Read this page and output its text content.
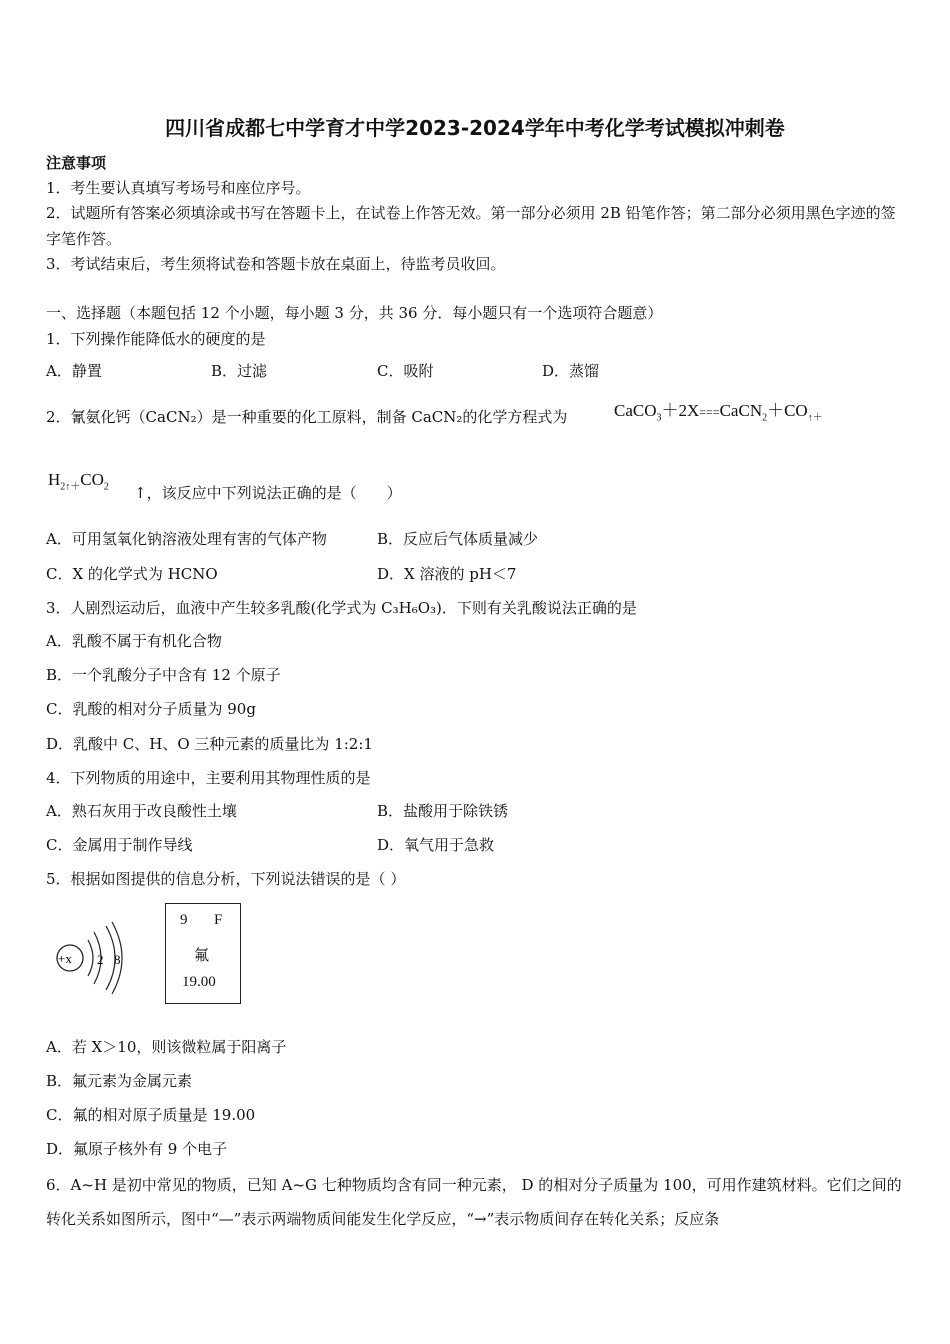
四川省成都七中学育才中学2023-2024学年中考化学考试模拟冲刺卷
注意事项
1．考生要认真填写考场号和座位序号。
2．试题所有答案必须填涂或书写在答题卡上，在试卷上作答无效。第一部分必须用 2B 铅笔作答；第二部分必须用黑色字迹的签字笔作答。
3．考试结束后，考生须将试卷和答题卡放在桌面上，待监考员收回。
一、选择题（本题包括 12 个小题，每小题 3 分，共 36 分．每小题只有一个选项符合题意）
1．下列操作能降低水的硬度的是
A．静置	B．过滤	C．吸附	D．蒸馏
2．氰氨化钙（CaCN₂）是一种重要的化工原料，制备 CaCN₂的化学方程式为	$CaCO_3+2X===CaCN_2+CO_{↑+}$
$H_{2↑+}CO_2$ ↑，该反应中下列说法正确的是（　　）
A．可用氢氧化钠溶液处理有害的气体产物	B．反应后气体质量减少
C．X 的化学式为 HCNO	D．X 溶液的 pH＜7
3．人剧烈运动后，血液中产生较多乳酸(化学式为 C₃H₆O₃)．下则有关乳酸说法正确的是
A．乳酸不属于有机化合物
B．一个乳酸分子中含有 12 个原子
C．乳酸的相对分子质量为 90g
D．乳酸中 C、H、O 三种元素的质量比为 1:2:1
4．下列物质的用途中，主要利用其物理性质的是
A．熟石灰用于改良酸性土壤	B．盐酸用于除铁锈
C．金属用于制作导线	D．氧气用于急救
5．根据如图提供的信息分析，下列说法错误的是（ ）
+x 2 8
9 F
氟
19.00
A．若 X＞10，则该微粒属于阳离子
B．氟元素为金属元素
C．氟的相对原子质量是 19.00
D．氟原子核外有 9 个电子
6．A~H 是初中常见的物质，已知 A~G 七种物质均含有同一种元素， D 的相对分子质量为 100，可用作建筑材料。它们之间的转化关系如图所示，图中“—”表示两端物质间能发生化学反应，“→”表示物质间存在转化关系；反应条
